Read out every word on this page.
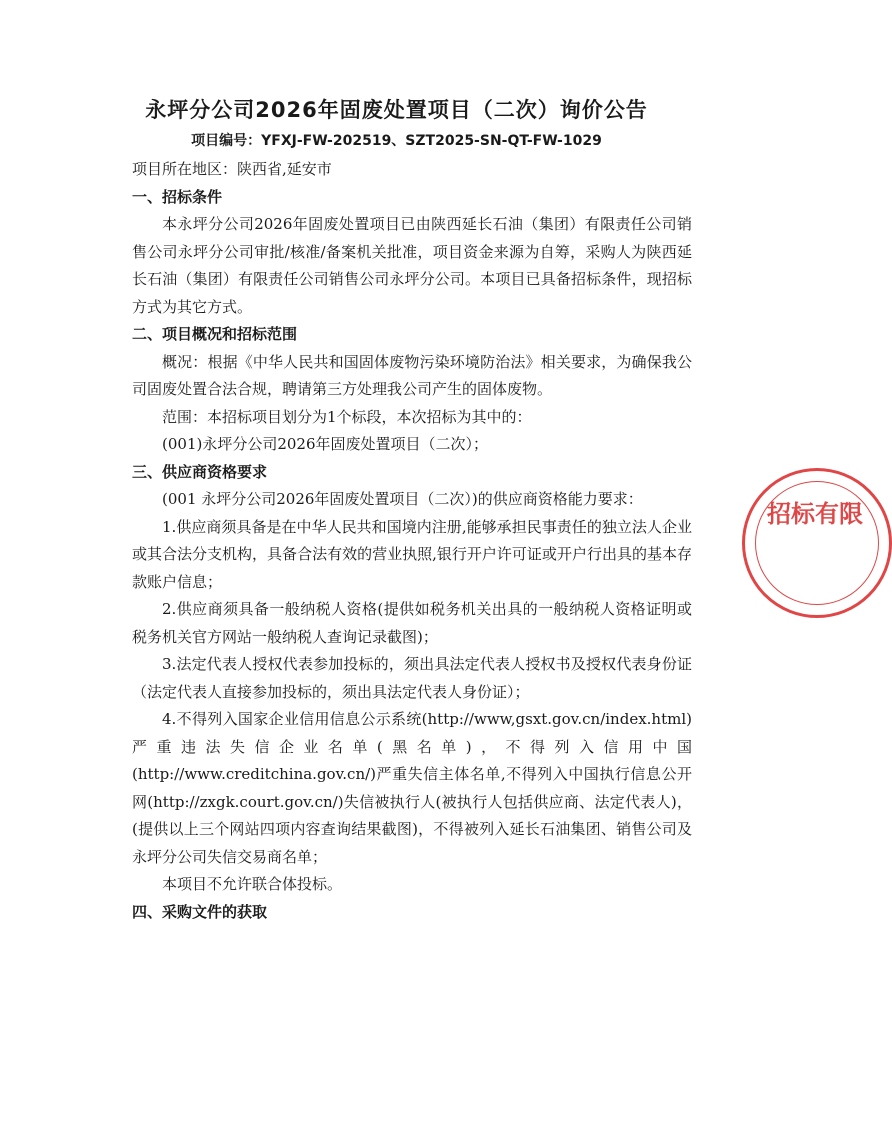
永坪分公司2026年固废处置项目（二次）询价公告
项目编号：YFXJ-FW-202519、SZT2025-SN-QT-FW-1029
项目所在地区：陕西省,延安市
一、招标条件
本永坪分公司2026年固废处置项目已由陕西延长石油（集团）有限责任公司销售公司永坪分公司审批/核准/备案机关批准，项目资金来源为自筹，采购人为陕西延长石油（集团）有限责任公司销售公司永坪分公司。本项目已具备招标条件，现招标方式为其它方式。
二、项目概况和招标范围
概况：根据《中华人民共和国固体废物污染环境防治法》相关要求，为确保我公司固废处置合法合规，聘请第三方处理我公司产生的固体废物。
范围：本招标项目划分为1个标段，本次招标为其中的：
(001)永坪分公司2026年固废处置项目（二次）；
三、供应商资格要求
(001 永坪分公司2026年固废处置项目（二次）)的供应商资格能力要求：
1.供应商须具备是在中华人民共和国境内注册,能够承担民事责任的独立法人企业或其合法分支机构，具备合法有效的营业执照,银行开户许可证或开户行出具的基本存款账户信息；
2.供应商须具备一般纳税人资格(提供如税务机关出具的一般纳税人资格证明或税务机关官方网站一般纳税人查询记录截图)；
3.法定代表人授权代表参加投标的，须出具法定代表人授权书及授权代表身份证（法定代表人直接参加投标的，须出具法定代表人身份证）；
4.不得列入国家企业信用信息公示系统(http://www,gsxt.gov.cn/index.html)严重违法失信企业名单(黑名单)，不得列入信用中国(http://www.creditchina.gov.cn/)严重失信主体名单,不得列入中国执行信息公开网(http://zxgk.court.gov.cn/)失信被执行人(被执行人包括供应商、法定代表人)，(提供以上三个网站四项内容查询结果截图)，不得被列入延长石油集团、销售公司及永坪分公司失信交易商名单；
本项目不允许联合体投标。
四、采购文件的获取
招标有限
